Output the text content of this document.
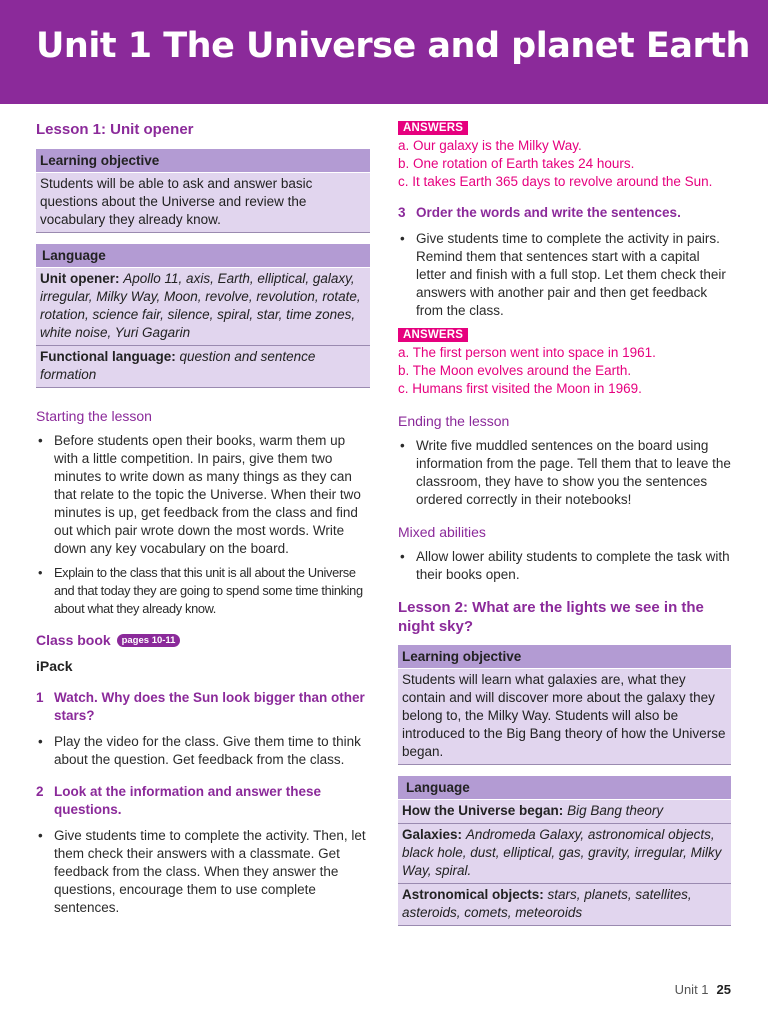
Unit 1 The Universe and planet Earth
Lesson 1: Unit opener
Learning objective
Students will be able to ask and answer basic questions about the Universe and review the vocabulary they already know.
Language
Unit opener: Apollo 11, axis, Earth, elliptical, galaxy, irregular, Milky Way, Moon, revolve, revolution, rotate, rotation, science fair, silence, spiral, star, time zones, white noise, Yuri Gagarin
Functional language: question and sentence formation
Starting the lesson
• Before students open their books, warm them up with a little competition. In pairs, give them two minutes to write down as many things as they can that relate to the topic the Universe. When their two minutes is up, get feedback from the class and find out which pair wrote down the most words. Write down any key vocabulary on the board.
• Explain to the class that this unit is all about the Universe and that today they are going to spend some time thinking about what they already know.
Class book pages 10-11
iPack
1 Watch. Why does the Sun look bigger than other stars?
• Play the video for the class. Give them time to think about the question. Get feedback from the class.
2 Look at the information and answer these questions.
• Give students time to complete the activity. Then, let them check their answers with a classmate. Get feedback from the class. When they answer the questions, encourage them to use complete sentences.
ANSWERS
a. Our galaxy is the Milky Way.
b. One rotation of Earth takes 24 hours.
c. It takes Earth 365 days to revolve around the Sun.
3 Order the words and write the sentences.
• Give students time to complete the activity in pairs. Remind them that sentences start with a capital letter and finish with a full stop. Let them check their answers with another pair and then get feedback from the class.
ANSWERS
a. The first person went into space in 1961.
b. The Moon evolves around the Earth.
c. Humans first visited the Moon in 1969.
Ending the lesson
• Write five muddled sentences on the board using information from the page. Tell them that to leave the classroom, they have to show you the sentences ordered correctly in their notebooks!
Mixed abilities
• Allow lower ability students to complete the task with their books open.
Lesson 2: What are the lights we see in the night sky?
Learning objective
Students will learn what galaxies are, what they contain and will discover more about the galaxy they belong to, the Milky Way. Students will also be introduced to the Big Bang theory of how the Universe began.
Language
How the Universe began: Big Bang theory
Galaxies: Andromeda Galaxy, astronomical objects, black hole, dust, elliptical, gas, gravity, irregular, Milky Way, spiral.
Astronomical objects: stars, planets, satellites, asteroids, comets, meteoroids
Unit 1 25
